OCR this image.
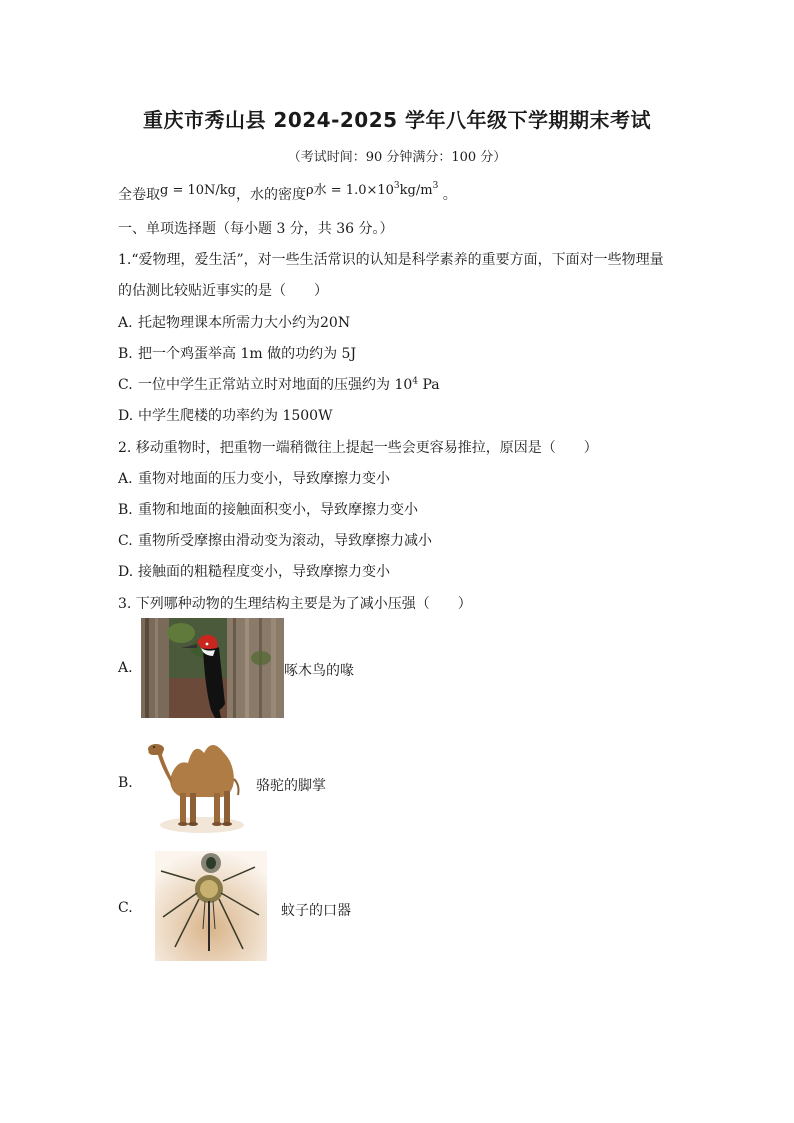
重庆市秀山县 2024-2025 学年八年级下学期期末考试
（考试时间：90 分钟满分：100 分）
全卷取g = 10N/kg，水的密度ρ水 = $1.0\times 10^3kg/m^3$ 。
一、单项选择题（每小题 3 分，共 36 分。）
1.“爱物理，爱生活”，对一些生活常识的认知是科学素养的重要方面，下面对一些物理量
的估测比较贴近事实的是（　　）
A. 托起物理课本所需力大小约为20N
B. 把一个鸡蛋举高 1m 做的功约为 5J
C. 一位中学生正常站立时对地面的压强约为 $10^4$ Pa
D. 中学生爬楼的功率约为 1500W
2. 移动重物时，把重物一端稍微往上提起一些会更容易推拉，原因是（　　）
A. 重物对地面的压力变小，导致摩擦力变小
B. 重物和地面的接触面积变小，导致摩擦力变小
C. 重物所受摩擦由滑动变为滚动，导致摩擦力减小
D. 接触面的粗糙程度变小，导致摩擦力变小
3. 下列哪种动物的生理结构主要是为了减小压强（　　）
A.	啄木鸟的喙
B.	骆驼的脚掌
C.	蚊子的口器
